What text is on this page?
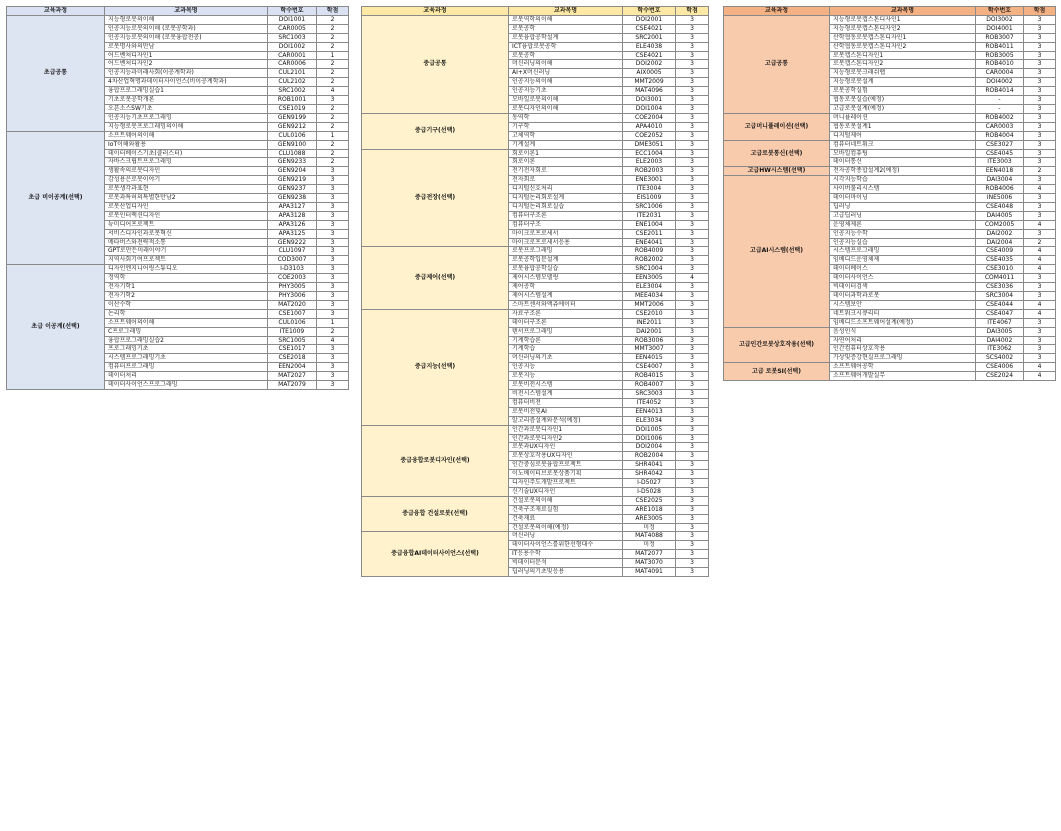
교육과정	교과목명	학수번호	학점
초급공통	지능형로봇의이해	DOI1001	2
	인공지능로봇의이해 (로봇공학과)	CAR0005	2
	인공지능로봇의이해 (로봇융합전공)	SRC1003	2
	로봇명사와의만남	DOI1002	2
	어드벤처디자인1	CAR0001	1
	어드벤처디자인2	CAR0006	2
	인공지능과미래사회(이공계학과)	CUL2101	2
	4차산업혁명과데이터사이언스(비이공계학과)	CUL2102	2
	융합프로그래밍실습1	SRC1002	4
	기초로봇공학개론	ROB1001	3
	오픈소스SW기초	CSE1019	2
	인공지능기초프로그래밍	GEN9199	2
	지능형로봇프로그래밍의이해	GEN9212	2
초급 비이공계(선택)	소프트웨어의이해	CUL0106	1
	IoT이해와활용	GEN9100	2
	데이터베이스기초(클러스터)	CLU1088	2
	자바스크립트프로그래밍	GEN9233	2
	생활속의로봇디자인	GEN9204	3
	감성용은로봇이야기	GEN9219	3
	로봇생각과표현	GEN9237	3
	로봇과특허의특별한만남2	GEN9238	3
	로봇산업디자인	APA3127	3
	로봇인터랙션디자인	APA3128	3
	뉴미디어프로젝트	APA3126	3
	서비스디자인과로봇혁신	APA3125	3
	메타버스와전략적소통	GEN9222	3
	GPT로만든미래이야기	CLU1097	3
	지역사회기여프로젝트	COD3007	3
초급 이공계(선택)	디자인엔지니어링스튜디오	I-D3103	3
	정역학	COE2003	3
	전자기학1	PHY3005	3
	전자기학2	PHY3006	3
	이산수학	MAT2020	3
	논리학	CSE1007	3
	소프트웨어의이해	CUL0106	1
	C프로그래밍	ITE1009	2
	융합프로그래밍실습2	SRC1005	4
	프로그래밍기초	CSE1017	3
	시스템프로그래밍기초	CSE2018	3
	컴퓨터프로그래밍	EEN2004	3
	데이터처리	MAT2027	3
	데이터사이언스프로그래밍	MAT2079	3
교육과정	교과목명	학수번호	학점
중급공통	로봇역학의이해	DOI2001	3
	로봇공학	CSE4021	3
	로봇융합공학설계	SRC2001	3
	ICT융합로봇공학	ELE4038	3
	로봇공학	CSE4021	3
	머신러닝의이해	DOI2002	3
	AI+X머신러닝	AIX0005	3
	인공지능의이해	MMT2009	3
	인공지능기초	MAT4096	3
	모바일로봇의이해	DOI3001	3
	로봇디자인의이해	DOI1004	3
중급기구(선택)	동역학	COE2004	3
	기구학	APA4010	3
	고체역학	COE2052	3
	기계설계	DME3051	3
중급전장(선택)	회로이론1	ECC1004	3
	회로이론	ELE2003	3
	전기전자회로	ROB2003	3
	전자회로	ENE3001	3
	디지털신호처리	ITE3004	3
	디지털논리회로설계	EIS1009	3
	디지털논리회로실습	SRC1006	3
	컴퓨터구조론	ITE2031	3
	컴퓨터구조	ENE1004	3
	마이크로프로세서	CSE2011	3
	마이크로프로세서응용	ENE4041	3
중급제어(선택)	로봇프로그래밍	ROB4009	3
	로봇공학입문설계	ROB2002	3
	로봇융합공학실습	SRC1004	3
	제어시스템모델링	EEN3005	4
	제어공학	ELE3004	3
	제어시스템설계	MEE4034	3
	스마트센서와액츄에이터	MMT2006	3
중급지능(선택)	자료구조론	CSE2010	3
	데이터구조론	INE2011	3
	텐서프로그래밍	DAI2001	3
	기계학습론	ROB3006	3
	기계학습	MMT3007	3
	머신러닝의기초	EEN4015	3
	인공지능	CSE4007	3
	로봇지능	ROB4015	3
	로봇비전시스템	ROB4007	3
	비전시스템설계	SRC3003	3
	컴퓨터비전	ITE4052	3
	로봇비전및AI	EEN4013	3
	알고리즘설계와분석(예정)	ELE3034	3
중급융합로봇디자인(선택)	인간과로봇디자인1	DOI1005	3
	인간과로봇디자인2	DOI1006	3
	로봇과UX디자인	DOI2004	3
	로봇상호작용UX디자인	ROB2004	3
	인간중심로봇융합프로젝트	SHR4041	3
	이노베이티브로봇상품기획	SHR4042	3
	디자인주도개발프로젝트	I-D5027	3
	신기술UX디자인	I-D5028	3
중급융합 건설로봇(선택)	건설로봇의이해	CSE2025	3
	건축구조재료실험	ARE1018	3
	건축재료	ARE3005	3
	건설로봇의이해(예정)	미정	3
중급융합AI데이터사이언스(선택)	머신러닝	MAT4088	3
	데이터사이언스를위한선형대수	미정	3
	IT응용수학	MAT2077	3
	빅데이터분석	MAT3070	3
	딥러닝의기초및응용	MAT4091	3
교육과정	교과목명	학수번호	학점
고급공통	지능형로봇캡스톤디자인1	DOI3002	3
	지능형로봇캡스톤디자인2	DOI4001	3
	산학협동로봇캡스톤디자인1	ROB3007	3
	산학협동로봇캡스톤디자인2	ROB4011	3
	로봇캡스톤디자인1	ROB3005	3
	로봇캡스톤디자인2	ROB4010	3
	지능형로봇크래쉬랩	CAR0004	3
	지능형로봇설계	DOI4002	3
	로봇공학실험	ROB4014	3
	협동로봇실습(예정)	-	3
	고급로봇설계(예정)	-	3
고급머니퓰레이션(선택)	머니퓰레이션	ROB4002	3
	협동로봇설계1	CAR0003	3
	디지털제어	ROB4004	3
고급로봇통신(선택)	컴퓨터네트워크	CSE3027	3
	모바일컴퓨팅	CSE4045	3
	데이터통신	ITE3003	3
고급HW시스템(선택)	전자공학종합설계2(예정)	EEN4018	2
고급AI시스템(선택)	시각지능학습	DAI3004	3
	사이버물리시스템	ROB4006	4
	데이터마이닝	INE5006	3
	딥러닝	CSE4048	3
	고급딥러닝	DAI4005	3
	운영체제론	COM2005	4
	인공지능수학	DAI2002	3
	인공지능실습	DAI2004	2
	시스템프로그래밍	CSE4009	4
	임베디드운영체제	CSE4035	4
	데이터베이스	CSE3010	4
	데이터사이언스	COM4011	3
	빅데이터검색	CSE3036	3
	데이터과학과로봇	SRC3004	3
	시스템보안	CSE4044	4
	네트워크시큐리티	CSE4047	4
	임베디드소프트웨어설계(예정)	ITE4067	3
고급인간로봇상호작용(선택)	음성인식	DAI3005	3
	자연어처리	DAI4002	3
	인간컴퓨터상호작용	ITE3062	3
	가상및증강현실프로그래밍	SCS4002	3
고급 로봇SI(선택)	소프트웨어공학	CSE4006	4
	소프트웨어개발실무	CSE2024	4
